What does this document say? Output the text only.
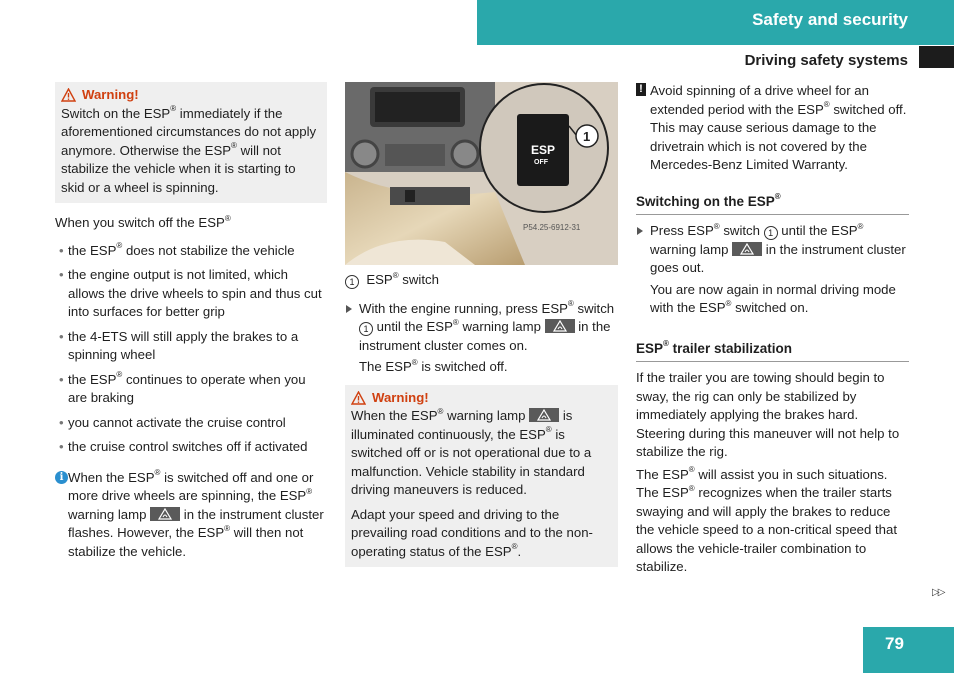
Safety and security
Driving safety systems
Warning!
Switch on the ESP® immediately if the aforementioned circumstances do not apply anymore. Otherwise the ESP® will not stabilize the vehicle when it is starting to skid or a wheel is spinning.

When you switch off the ESP®

• the ESP® does not stabilize the vehicle
• the engine output is not limited, which allows the drive wheels to spin and thus cut into surfaces for better grip
• the 4-ETS will still apply the brakes to a spinning wheel
• the ESP® continues to operate when you are braking
• you cannot activate the cruise control
• the cruise control switches off if activated
i When the ESP® is switched off and one or more drive wheels are spinning, the ESP® warning lamp
in the instrument cluster flashes. However, the ESP® will then not stabilize the vehicle.
P54.25-6912-31
ESP
OFF
1

1 ESP® switch

With the engine running, press ESP® switch 1 until the ESP® warning lamp
in the instrument cluster comes on.

The ESP® is switched off.

Warning!

When the ESP® warning lamp
is illuminated continuously, the ESP® is switched off or is not operational due to a malfunction. Vehicle stability in standard driving maneuvers is reduced.

Adapt your speed and driving to the prevailing road conditions and to the non-operating status of the ESP®.

! Avoid spinning of a drive wheel for an extended period with the ESP® switched off. This may cause serious damage to the drivetrain which is not covered by the Mercedes-Benz Limited Warranty.
Switching on the ESP®
Press ESP® switch 1 until the ESP® warning lamp
in the instrument cluster goes out.

You are now again in normal driving mode with the ESP® switched on.

ESP® trailer stabilization

If the trailer you are towing should begin to sway, the rig can only be stabilized by immediately applying the brakes hard. Steering during this maneuver will not help to stabilize the rig.

The ESP® will assist you in such situations. The ESP® recognizes when the trailer starts swaying and will apply the brakes to reduce the vehicle speed to a non-critical speed that allows the vehicle-trailer combination to stabilize.

▷▷
79
